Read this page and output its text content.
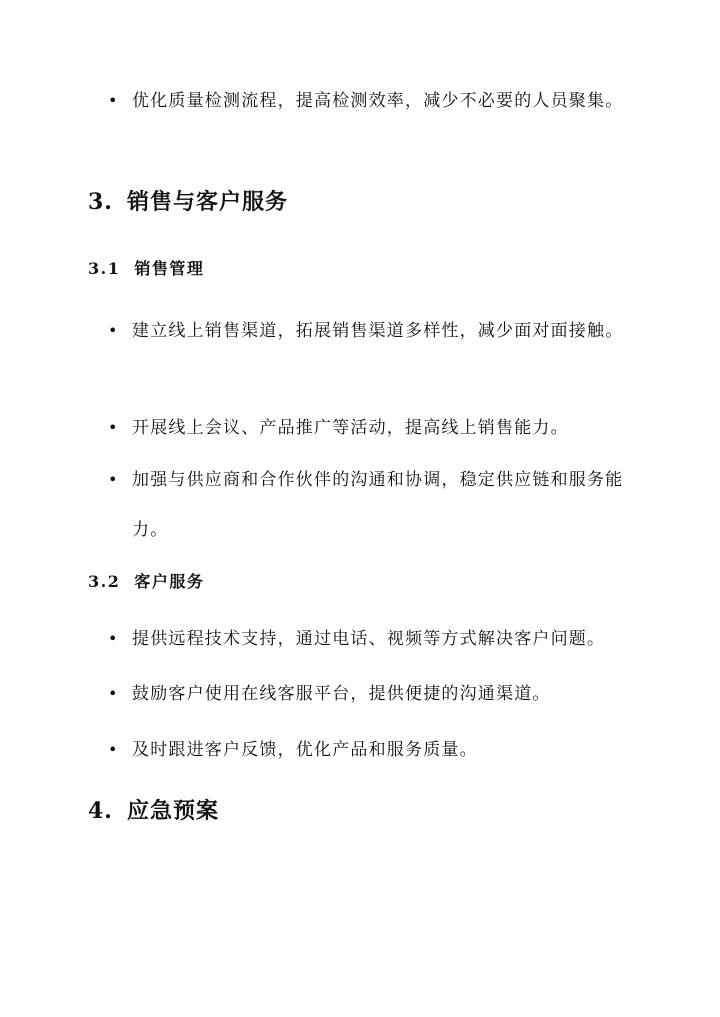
• 优化质量检测流程，提高检测效率，减少不必要的人员聚集。
3. 销售与客户服务
3.1 销售管理
• 建立线上销售渠道，拓展销售渠道多样性，减少面对面接触。
• 开展线上会议、产品推广等活动，提高线上销售能力。
• 加强与供应商和合作伙伴的沟通和协调，稳定供应链和服务能力。
3.2 客户服务
• 提供远程技术支持，通过电话、视频等方式解决客户问题。
• 鼓励客户使用在线客服平台，提供便捷的沟通渠道。
• 及时跟进客户反馈，优化产品和服务质量。
4. 应急预案
